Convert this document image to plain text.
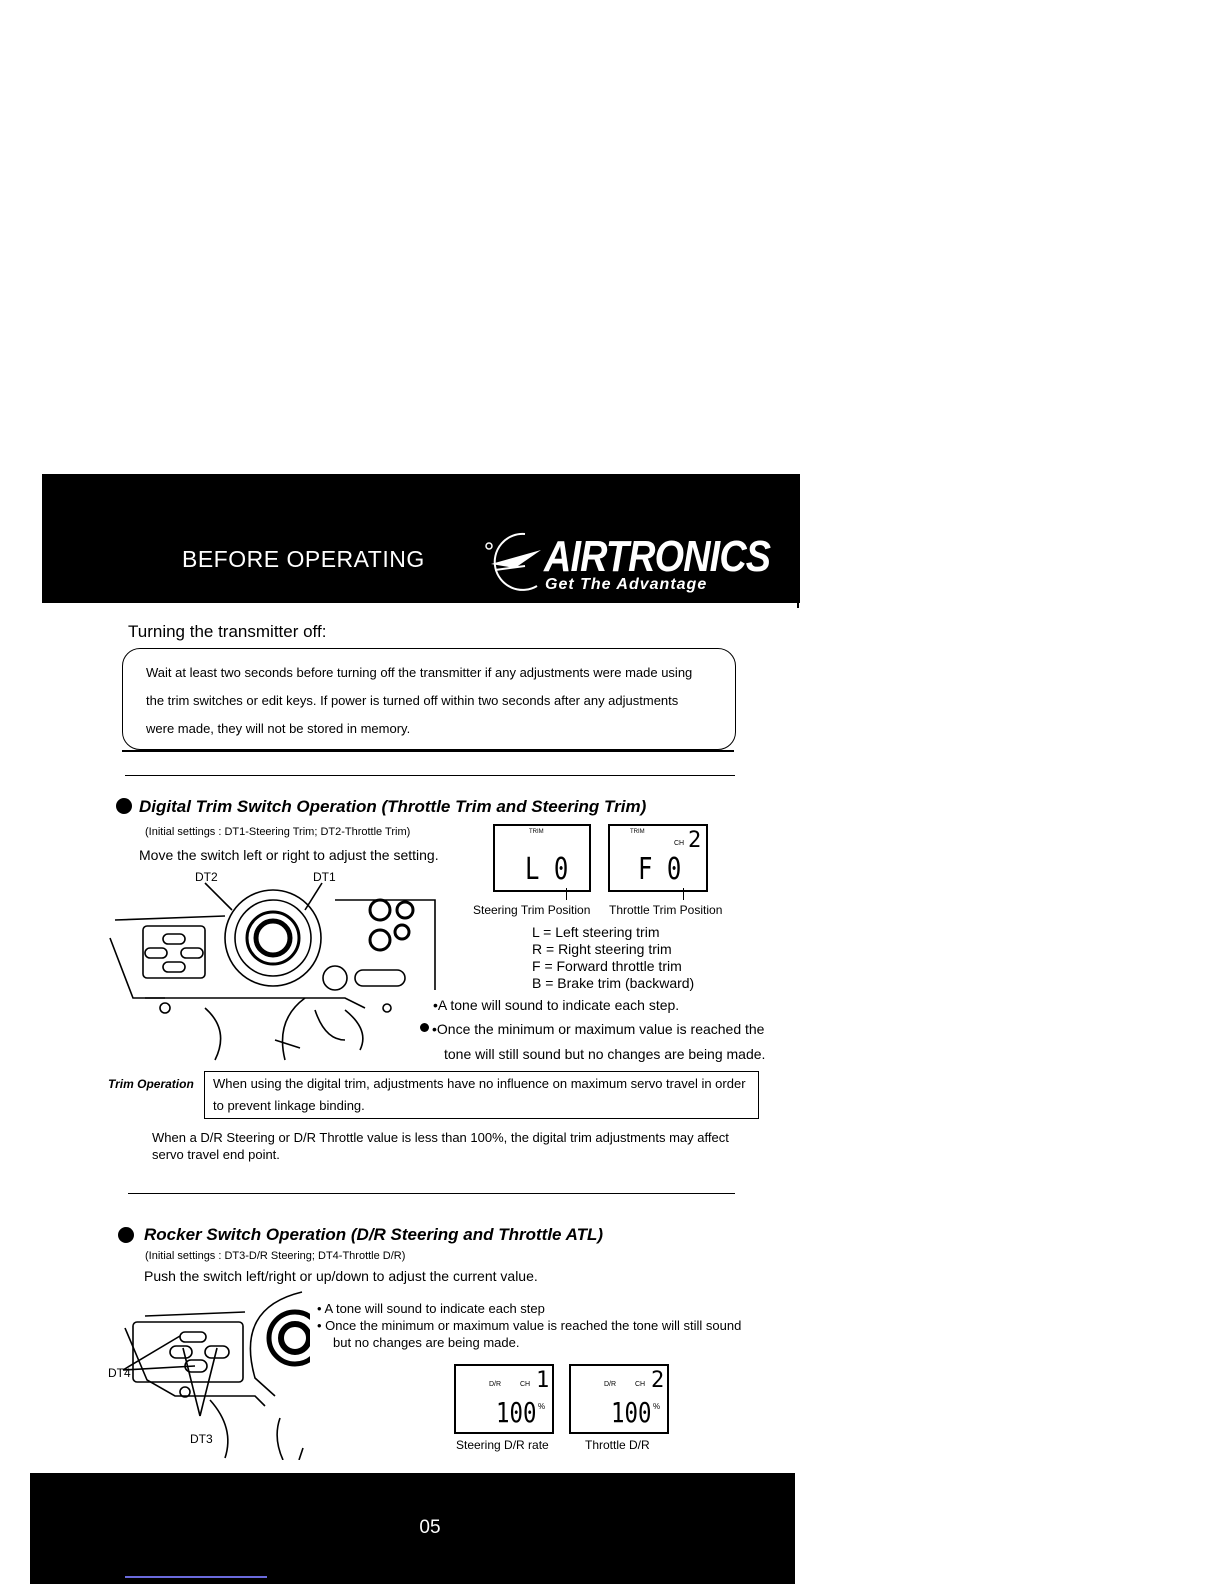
BEFORE OPERATING	AIRTRONICS
Get The Advantage
Turning the transmitter off:
Wait at least two seconds before turning off the transmitter if any adjustments were made using
the trim switches or edit keys. If power is turned off within two seconds after any adjustments
were made, they will not be stored in memory.
Digital Trim Switch Operation (Throttle Trim and Steering Trim)
(Initial settings : DT1-Steering Trim; DT2-Throttle Trim)
Move the switch left or right to adjust the setting.
DT2	DT1
TRIM
L 0
TRIM
CH 2
F 0
Steering Trim Position Throttle Trim Position
L = Left steering trim
R = Right steering trim
F = Forward throttle trim
B = Brake trim (backward)
•A tone will sound to indicate each step.
•Once the minimum or maximum value is reached the
tone will still sound but no changes are being made.
Trim Operation When using the digital trim, adjustments have no influence on maximum servo travel in order
to prevent linkage binding.
When a D/R Steering or D/R Throttle value is less than 100%, the digital trim adjustments may affect
servo travel end point.
Rocker Switch Operation (D/R Steering and Throttle ATL)
(Initial settings : DT3-D/R Steering; DT4-Throttle D/R)
Push the switch left/right or up/down to adjust the current value.
DT4
DT3
• A tone will sound to indicate each step
• Once the minimum or maximum value is reached the tone will still sound
but no changes are being made.
D/R	CH 1
100 %
D/R	CH 2
100 %
Steering D/R rate	Throttle D/R
05
